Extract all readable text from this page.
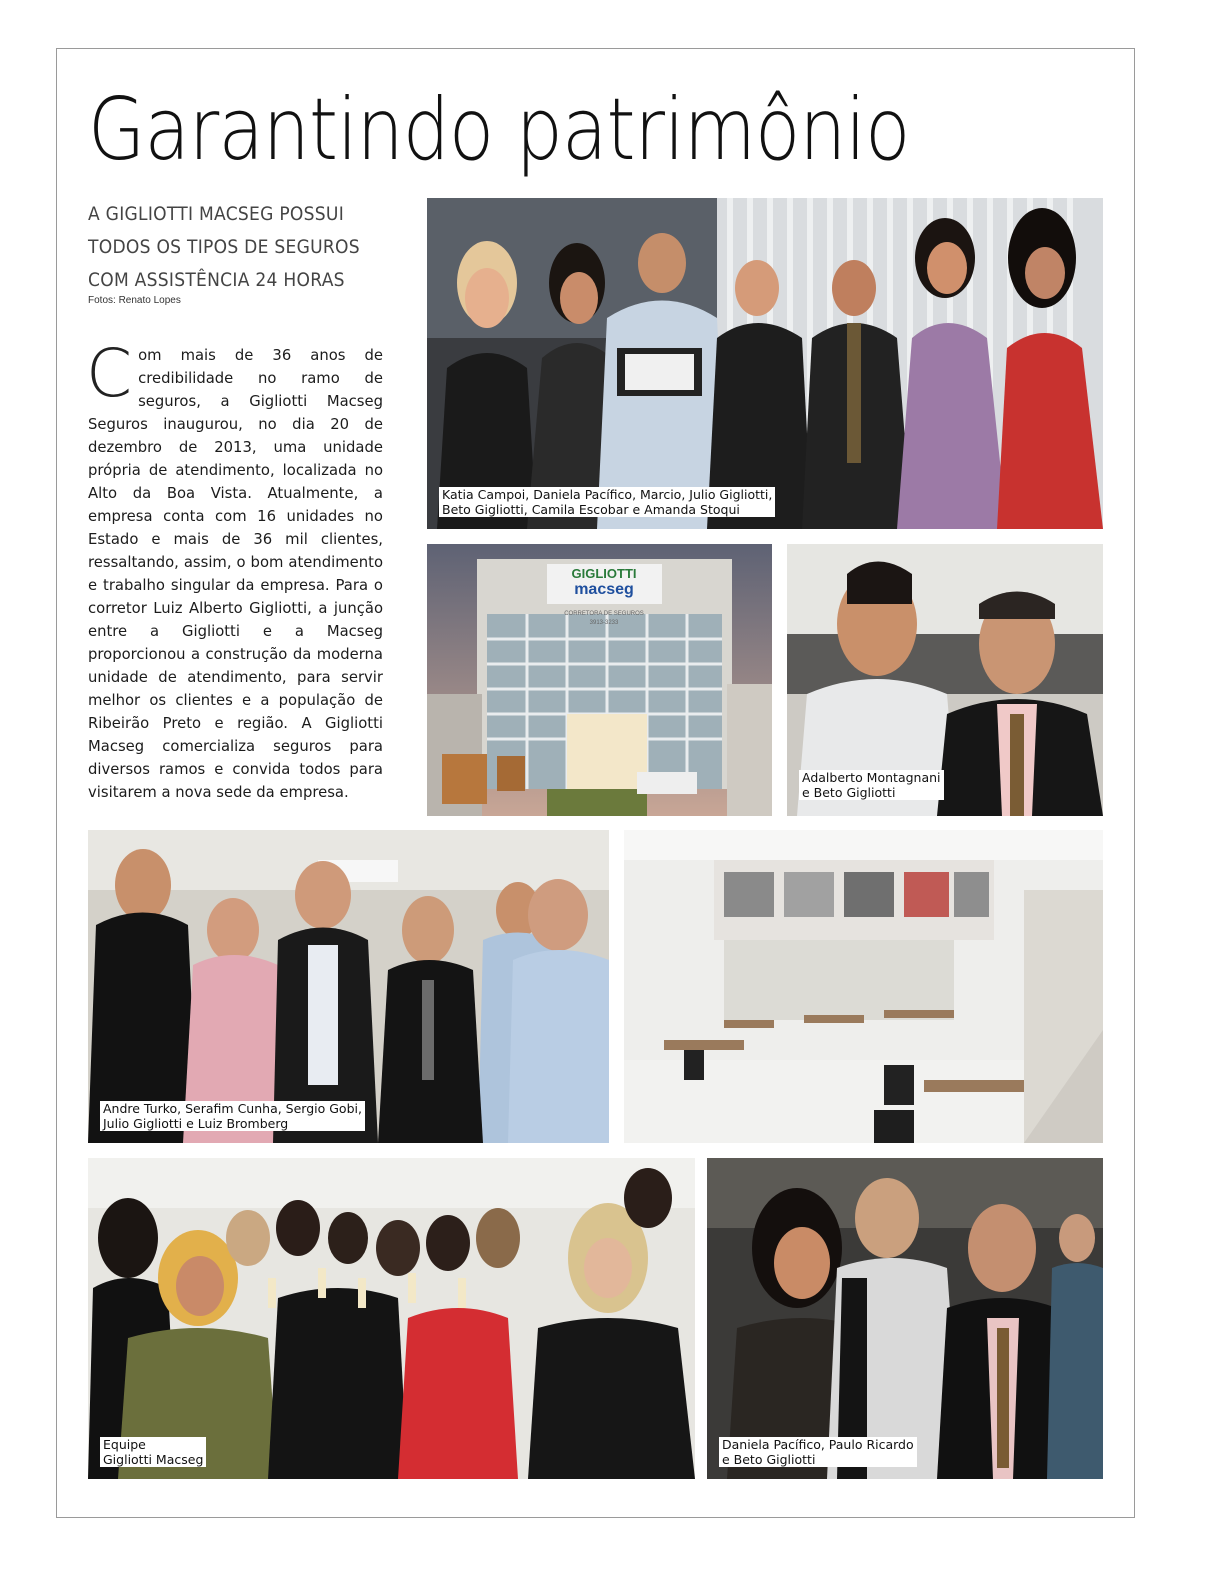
Garantindo patrimônio
A GIGLIOTTI MACSEG POSSUI
TODOS OS TIPOS DE SEGUROS
COM ASSISTÊNCIA 24 HORAS
Fotos: Renato Lopes
Com mais de 36 anos de credibilidade no ramo de seguros, a Gigliotti Macseg Seguros inaugurou, no dia 20 de dezembro de 2013, uma unidade própria de atendimento, localizada no Alto da Boa Vista. Atualmente, a empresa conta com 16 unidades no Estado e mais de 36 mil clientes, ressaltando, assim, o bom atendimento e trabalho singular da empresa. Para o corretor Luiz Alberto Gigliotti, a junção entre a Gigliotti e a Macseg proporcionou a construção da moderna unidade de atendimento, para servir melhor os clientes e a população de Ribeirão Preto e região. A Gigliotti Macseg comercializa seguros para diversos ramos e convida todos para visitarem a nova sede da empresa.
Katia Campoi, Daniela Pacífico, Marcio, Julio Gigliotti,
Beto Gigliotti, Camila Escobar e Amanda Stoqui
GIGLIOTTI
macseg
CORRETORA DE SEGUROS
3913-3233
Adalberto Montagnani
e Beto Gigliotti
Andre Turko, Serafim Cunha, Sergio Gobi,
Julio Gigliotti e Luiz Bromberg
Equipe
Gigliotti Macseg
Daniela Pacífico, Paulo Ricardo
e Beto Gigliotti
